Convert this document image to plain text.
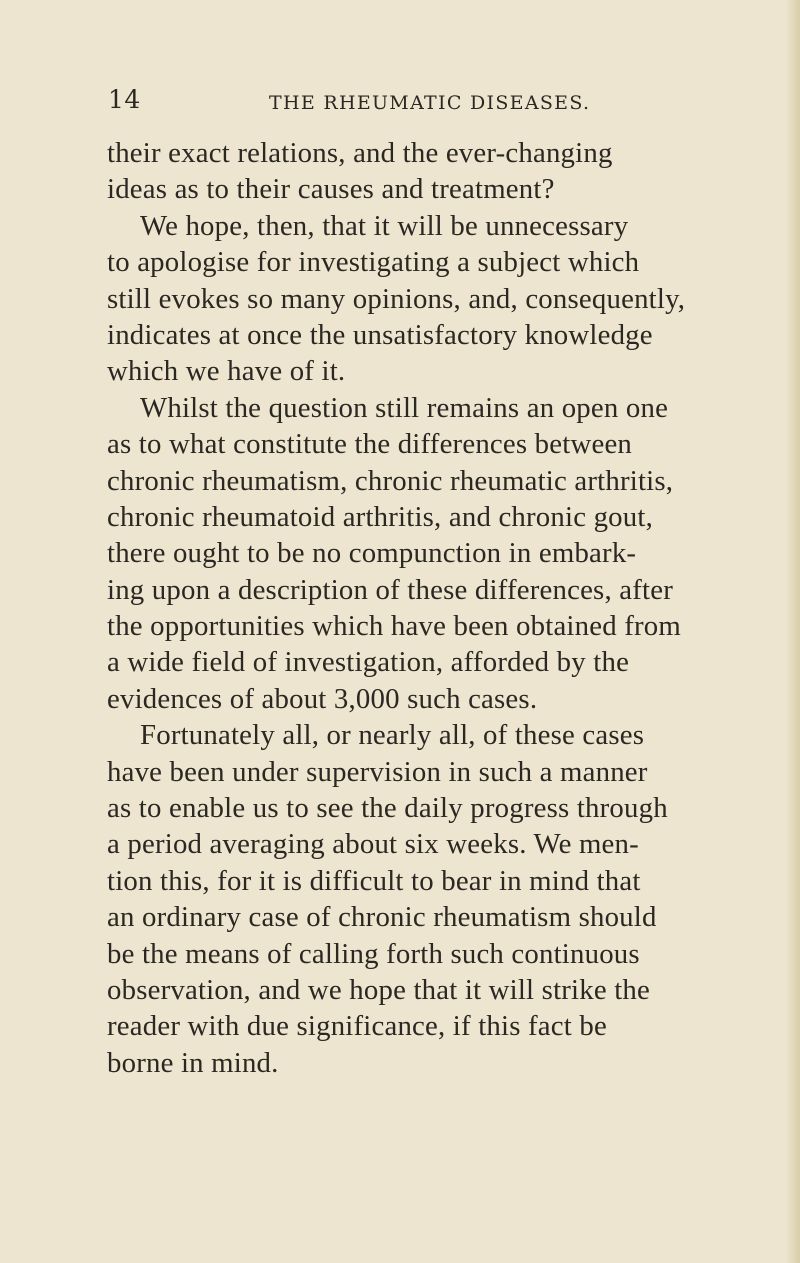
14	THE RHEUMATIC DISEASES.
their exact relations, and the ever-changing
ideas as to their causes and treatment?
We hope, then, that it will be unnecessary
to apologise for investigating a subject which
still evokes so many opinions, and, consequently,
indicates at once the unsatisfactory knowledge
which we have of it.
Whilst the question still remains an open one
as to what constitute the differences between
chronic rheumatism, chronic rheumatic arthritis,
chronic rheumatoid arthritis, and chronic gout,
there ought to be no compunction in embark-
ing upon a description of these differences, after
the opportunities which have been obtained from
a wide field of investigation, afforded by the
evidences of about 3,000 such cases.
Fortunately all, or nearly all, of these cases
have been under supervision in such a manner
as to enable us to see the daily progress through
a period averaging about six weeks. We men-
tion this, for it is difficult to bear in mind that
an ordinary case of chronic rheumatism should
be the means of calling forth such continuous
observation, and we hope that it will strike the
reader with due significance, if this fact be
borne in mind.
